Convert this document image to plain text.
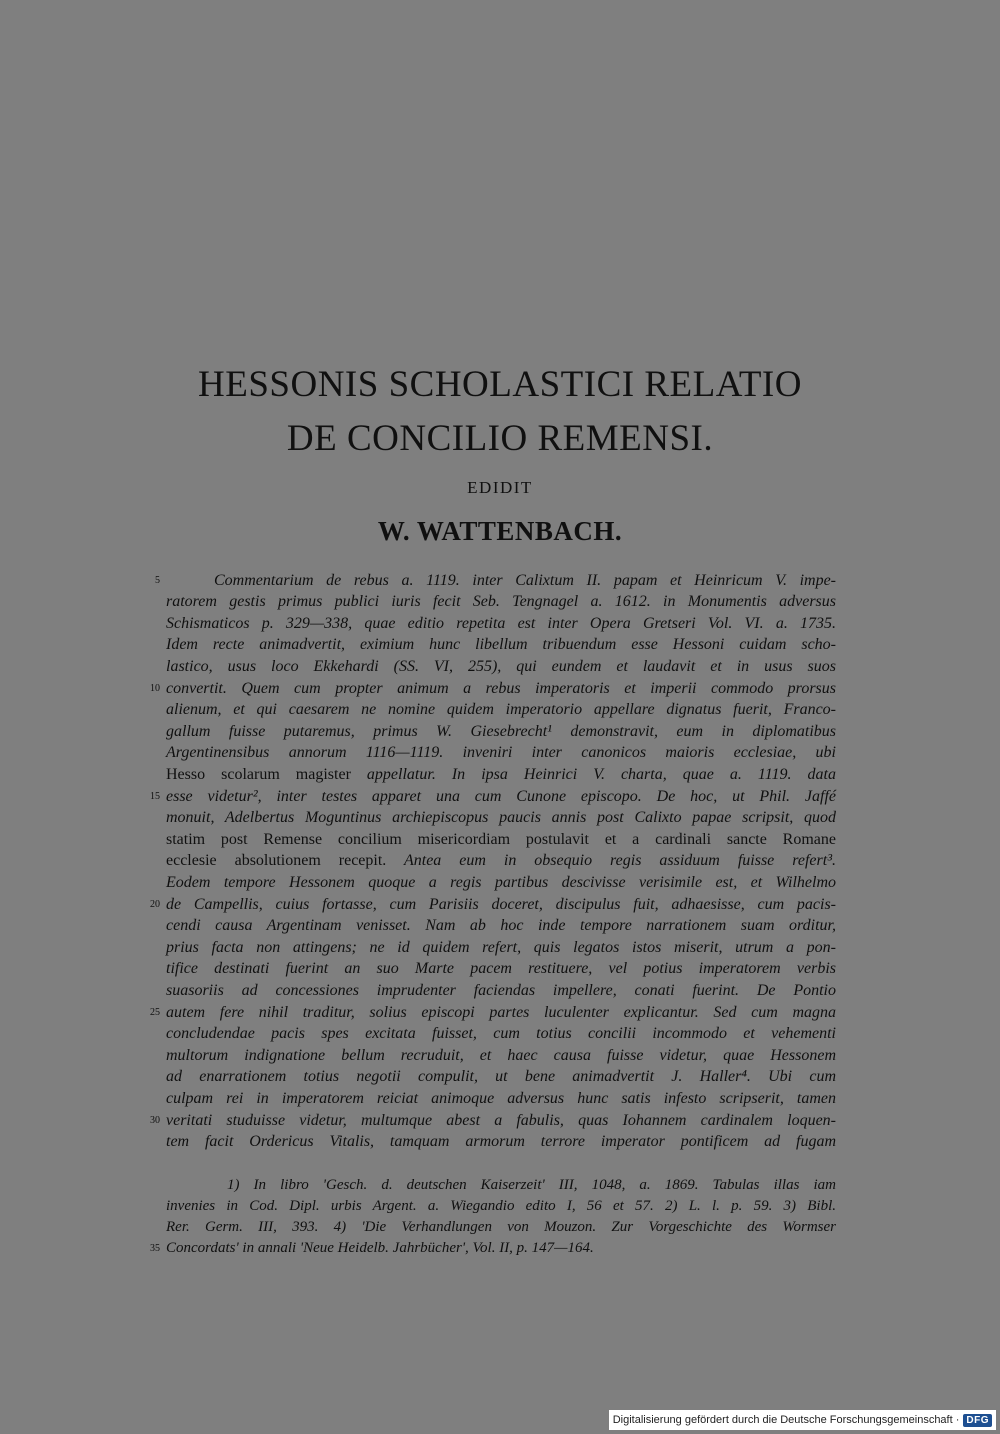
HESSONIS SCHOLASTICI RELATIO
DE CONCILIO REMENSI.
EDIDIT
W. WATTENBACH.
5
10
15
20
25
30
35
Commentarium de rebus a. 1119. inter Calixtum II. papam et Heinricum V. impe-
ratorem gestis primus publici iuris fecit Seb. Tengnagel a. 1612. in Monumentis adversus
Schismaticos p. 329—338, quae editio repetita est inter Opera Gretseri Vol. VI. a. 1735.
Idem recte animadvertit, eximium hunc libellum tribuendum esse Hessoni cuidam scho-
lastico, usus loco Ekkehardi (SS. VI, 255), qui eundem et laudavit et in usus suos
convertit. Quem cum propter animum a rebus imperatoris et imperii commodo prorsus
alienum, et qui caesarem ne nomine quidem imperatorio appellare dignatus fuerit, Franco-
gallum fuisse putaremus, primus W. Giesebrecht¹ demonstravit, eum in diplomatibus
Argentinensibus annorum 1116—1119. inveniri inter canonicos maioris ecclesiae, ubi
Hesso scolarum magister appellatur. In ipsa Heinrici V. charta, quae a. 1119. data
esse videtur², inter testes apparet una cum Cunone episcopo. De hoc, ut Phil. Jaffé
monuit, Adelbertus Moguntinus archiepiscopus paucis annis post Calixto papae scripsit, quod
statim post Remense concilium misericordiam postulavit et a cardinali sancte Romane
ecclesie absolutionem recepit. Antea eum in obsequio regis assiduum fuisse refert³.
Eodem tempore Hessonem quoque a regis partibus descivisse verisimile est, et Wilhelmo
de Campellis, cuius fortasse, cum Parisiis doceret, discipulus fuit, adhaesisse, cum pacis-
cendi causa Argentinam venisset. Nam ab hoc inde tempore narrationem suam orditur,
prius facta non attingens; ne id quidem refert, quis legatos istos miserit, utrum a pon-
tifice destinati fuerint an suo Marte pacem restituere, vel potius imperatorem verbis
suasoriis ad concessiones imprudenter faciendas impellere, conati fuerint. De Pontio
autem fere nihil traditur, solius episcopi partes luculenter explicantur. Sed cum magna
concludendae pacis spes excitata fuisset, cum totius concilii incommodo et vehementi
multorum indignatione bellum recruduit, et haec causa fuisse videtur, quae Hessonem
ad enarrationem totius negotii compulit, ut bene animadvertit J. Haller⁴. Ubi cum
culpam rei in imperatorem reiciat animoque adversus hunc satis infesto scripserit, tamen
veritati studuisse videtur, multumque abest a fabulis, quas Iohannem cardinalem loquen-
tem facit Ordericus Vitalis, tamquam armorum terrore imperator pontificem ad fugam
1) In libro 'Gesch. d. deutschen Kaiserzeit' III, 1048, a. 1869. Tabulas illas iam
invenies in Cod. Dipl. urbis Argent. a. Wiegandio edito I, 56 et 57. 2) L. l. p. 59. 3) Bibl.
Rer. Germ. III, 393. 4) 'Die Verhandlungen von Mouzon. Zur Vorgeschichte des Wormser
Concordats' in annali 'Neue Heidelb. Jahrbücher', Vol. II, p. 147—164.
Digitalisierung gefördert durch die Deutsche Forschungsgemeinschaft · DFG
